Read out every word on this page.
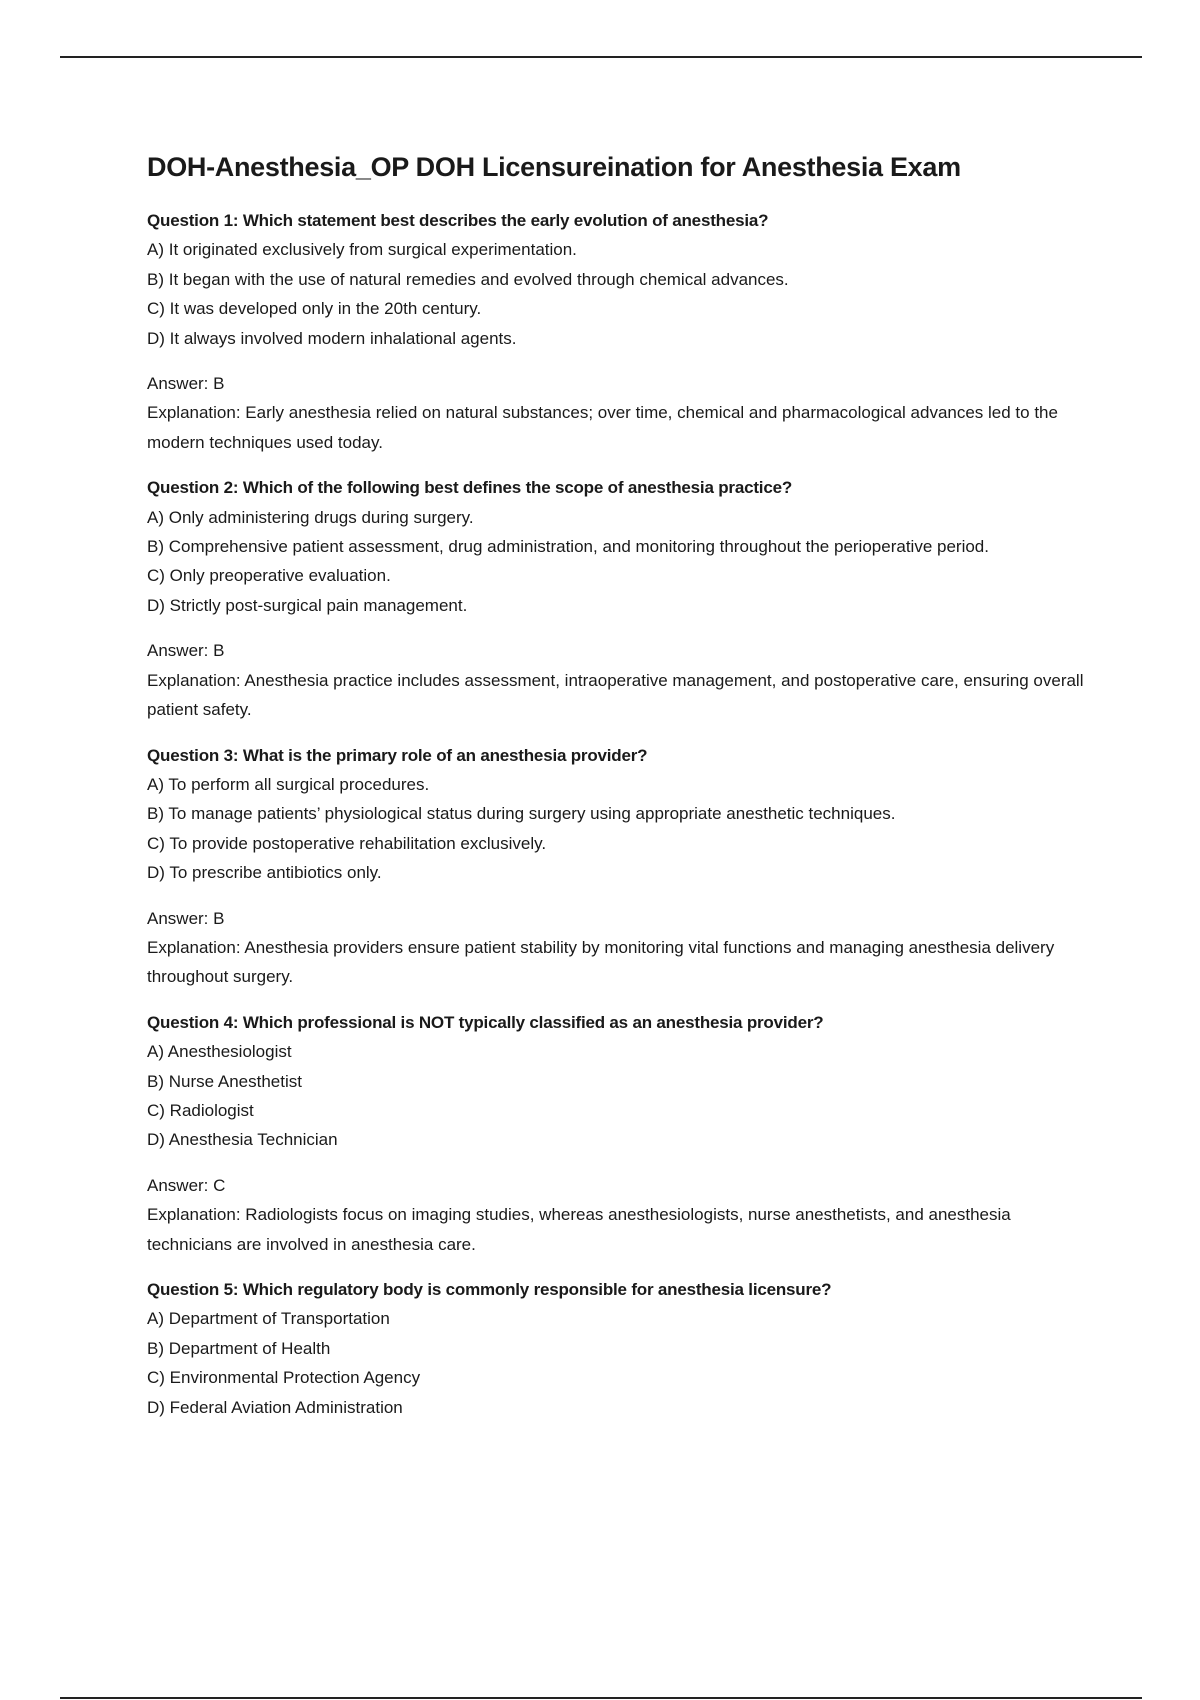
DOH-Anesthesia_OP DOH Licensureination for Anesthesia Exam

Question 1: Which statement best describes the early evolution of anesthesia?

A) It originated exclusively from surgical experimentation.

B) It began with the use of natural remedies and evolved through chemical advances.

C) It was developed only in the 20th century.

D) It always involved modern inhalational agents.

Answer: B

Explanation: Early anesthesia relied on natural substances; over time, chemical and pharmacological advances led to the modern techniques used today.

Question 2: Which of the following best defines the scope of anesthesia practice?

A) Only administering drugs during surgery.

B) Comprehensive patient assessment, drug administration, and monitoring throughout the perioperative period.

C) Only preoperative evaluation.

D) Strictly post-surgical pain management.

Answer: B

Explanation: Anesthesia practice includes assessment, intraoperative management, and postoperative care, ensuring overall patient safety.

Question 3: What is the primary role of an anesthesia provider?

A) To perform all surgical procedures.

B) To manage patients’ physiological status during surgery using appropriate anesthetic techniques.

C) To provide postoperative rehabilitation exclusively.

D) To prescribe antibiotics only.

Answer: B

Explanation: Anesthesia providers ensure patient stability by monitoring vital functions and managing anesthesia delivery throughout surgery.

Question 4: Which professional is NOT typically classified as an anesthesia provider?

A) Anesthesiologist

B) Nurse Anesthetist

C) Radiologist

D) Anesthesia Technician

Answer: C

Explanation: Radiologists focus on imaging studies, whereas anesthesiologists, nurse anesthetists, and anesthesia technicians are involved in anesthesia care.

Question 5: Which regulatory body is commonly responsible for anesthesia licensure?

A) Department of Transportation

B) Department of Health

C) Environmental Protection Agency

D) Federal Aviation Administration
